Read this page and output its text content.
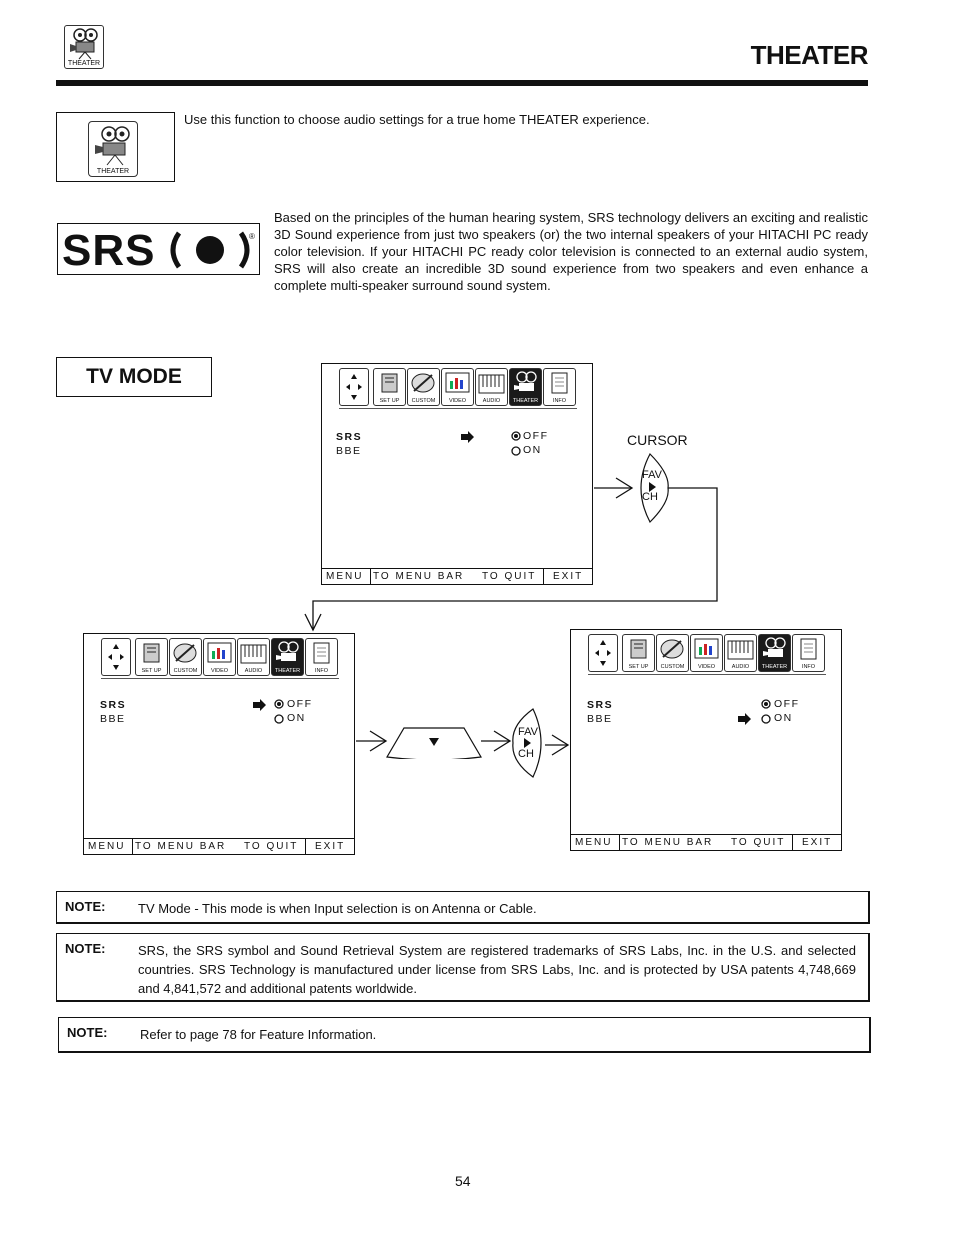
THEATER	THEATER
THEATER
Use this function to choose audio settings for a true home THEATER experience.
SRS	®
Based on the principles of the human hearing system, SRS technology delivers an exciting and realistic 3D Sound experience from just two speakers (or) the two internal speakers of your HITACHI PC ready color television. If your HITACHI PC ready color television is connected to an external audio system, SRS will also create an incredible 3D sound experience from two speakers and even enhance a complete multi-speaker surround sound system.
TV MODE
SET UP	CUSTOM	VIDEO	AUDIO	THEATER	INFO
SRS
BBE
OFF
ON
MENU TO MENU BAR TO QUIT EXIT
SET UP	CUSTOM	VIDEO	AUDIO	THEATER	INFO
SRS
BBE
OFF
ON
MENU TO MENU BAR TO QUIT EXIT
SET UP	CUSTOM	VIDEO	AUDIO	THEATER	INFO
SRS
BBE
OFF
ON
MENU TO MENU BAR TO QUIT EXIT
CURSOR
FAV
CH
FAV
CH
NOTE:	TV Mode - This mode is when Input selection is on Antenna or Cable.
NOTE:	SRS, the SRS symbol and Sound Retrieval System are registered trademarks of SRS Labs, Inc. in the U.S. and selected countries. SRS Technology is manufactured under license from SRS Labs, Inc. and is protected by USA patents 4,748,669 and 4,841,572 and additional patents worldwide.
NOTE:	Refer to page 78 for Feature Information.
54
